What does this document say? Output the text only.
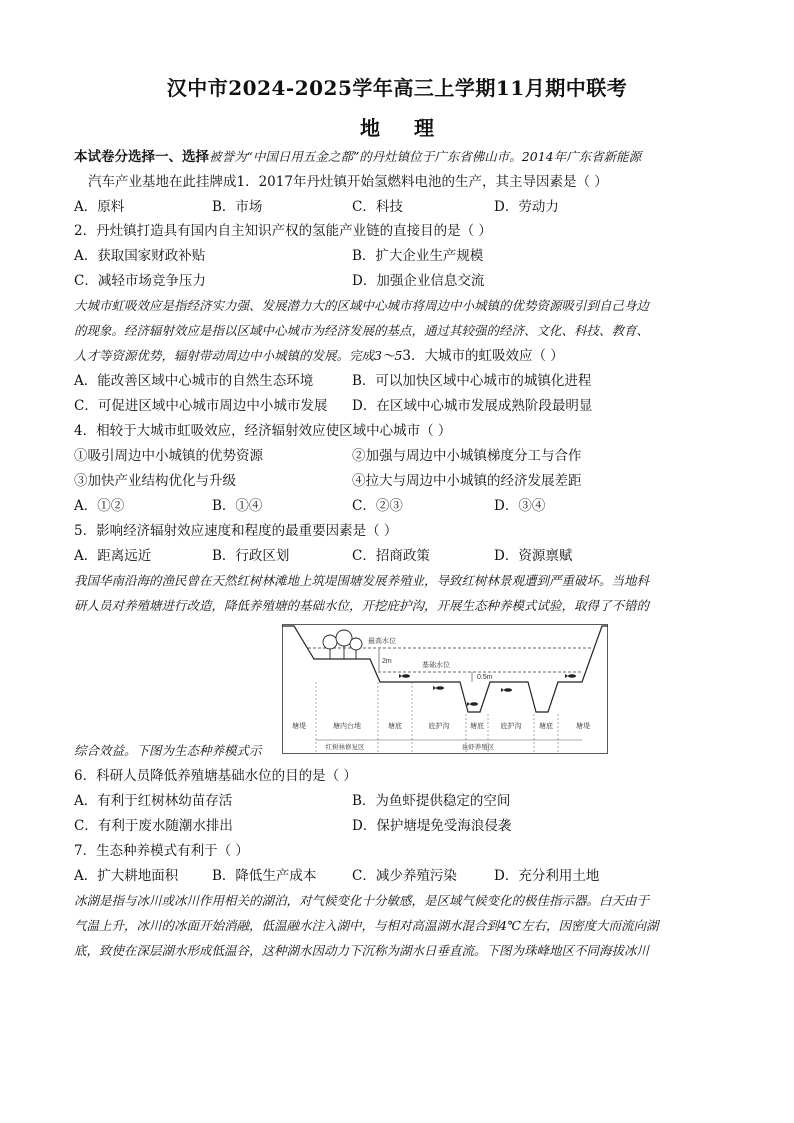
汉中市2024-2025学年高三上学期11月期中联考
地理
本试卷分选择一、选择被誉为“中国日用五金之都”的丹灶镇位于广东省佛山市。2014年广东省新能源
汽车产业基地在此挂牌成1．2017年丹灶镇开始氢燃料电池的生产，其主导因素是（ ）
A．原料	B．市场	C．科技	D．劳动力
2．丹灶镇打造具有国内自主知识产权的氢能产业链的直接目的是（ ）
A．获取国家财政补贴	B．扩大企业生产规模
C．减轻市场竞争压力	D．加强企业信息交流
大城市虹吸效应是指经济实力强、发展潜力大的区域中心城市将周边中小城镇的优势资源吸引到自己身边
的现象。经济辐射效应是指以区域中心城市为经济发展的基点，通过其较强的经济、文化、科技、教育、
人才等资源优势，辐射带动周边中小城镇的发展。完成3～53．大城市的虹吸效应（ ）
A．能改善区域中心城市的自然生态环境	B．可以加快区域中心城市的城镇化进程
C．可促进区域中心城市周边中小城市发展 D．在区域中心城市发展成熟阶段最明显
4．相较于大城市虹吸效应，经济辐射效应使区域中心城市（ ）
①吸引周边中小城镇的优势资源	②加强与周边中小城镇梯度分工与合作
③加快产业结构优化与升级	④拉大与周边中小城镇的经济发展差距
A．①②	B．①④	C．②③	D．③④
5．影响经济辐射效应速度和程度的最重要因素是（ ）
A．距离远近	B．行政区划	C．招商政策	D．资源禀赋
我国华南沿海的渔民曾在天然红树林滩地上筑堤围塘发展养殖业，导致红树林景观遭到严重破坏。当地科
研人员对养殖塘进行改造，降低养殖塘的基础水位，开挖庇护沟，开展生态种养模式试验，取得了不错的
最高水位
基础水位
2m
0.5m
塘堤	塘内台地	塘底	庇护沟	塘底 庇护沟	塘底	塘堤
红树林修复区	鱼虾养殖区
综合效益。下图为生态种养模式示
6．科研人员降低养殖塘基础水位的目的是（ ）
A．有利于红树林幼苗存活	B．为鱼虾提供稳定的空间
C．有利于废水随潮水排出	D．保护塘堤免受海浪侵袭
7．生态种养模式有利于（ ）
A．扩大耕地面积	B．降低生产成本	C．减少养殖污染	D．充分利用土地
冰湖是指与冰川或冰川作用相关的湖泊，对气候变化十分敏感，是区域气候变化的极佳指示器。白天由于
气温上升，冰川的冰面开始消融，低温融水注入湖中，与相对高温湖水混合到4℃左右，因密度大而流向湖
底，致使在深层湖水形成低温谷，这种湖水因动力下沉称为湖水日垂直流。下图为珠峰地区不同海拔冰川
